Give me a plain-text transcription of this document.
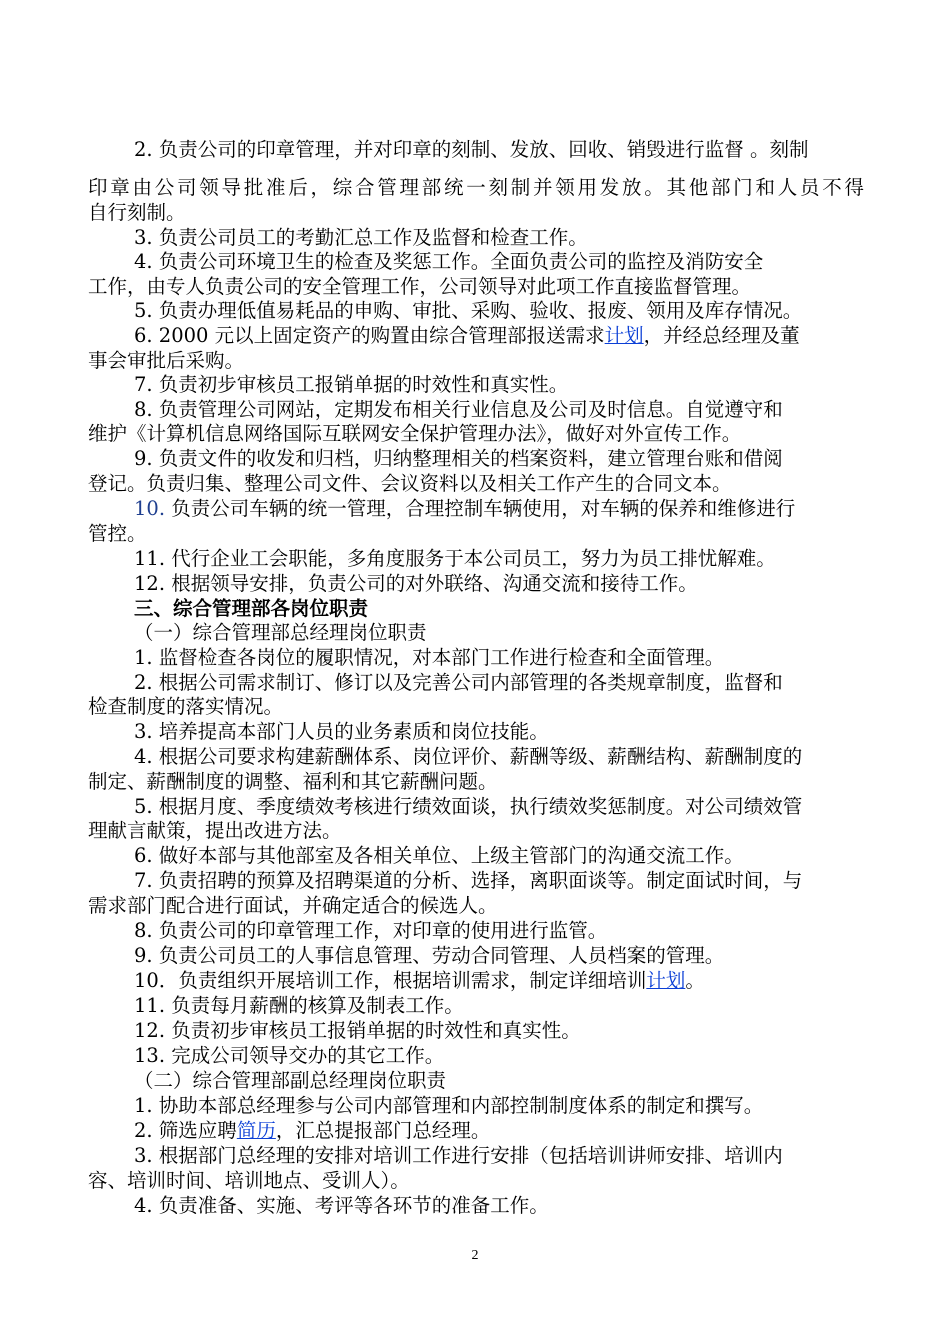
2. 负责公司的印章管理，并对印章的刻制、发放、回收、销毁进行监督 。刻制

印章由公司领导批准后，综合管理部统一刻制并领用发放。其他部门和人员不得

自行刻制。

3. 负责公司员工的考勤汇总工作及监督和检查工作。

4. 负责公司环境卫生的检查及奖惩工作。全面负责公司的监控及消防安全

工作，由专人负责公司的安全管理工作，公司领导对此项工作直接监督管理。

5. 负责办理低值易耗品的申购、审批、采购、验收、报废、领用及库存情况。

6. 2000 元以上固定资产的购置由综合管理部报送需求计划，并经总经理及董

事会审批后采购。

7. 负责初步审核员工报销单据的时效性和真实性。

8. 负责管理公司网站，定期发布相关行业信息及公司及时信息。自觉遵守和

维护《计算机信息网络国际互联网安全保护管理办法》，做好对外宣传工作。

9. 负责文件的收发和归档，归纳整理相关的档案资料，建立管理台账和借阅

登记。负责归集、整理公司文件、会议资料以及相关工作产生的合同文本。

10. 负责公司车辆的统一管理，合理控制车辆使用，对车辆的保养和维修进行

管控。

11. 代行企业工会职能，多角度服务于本公司员工，努力为员工排忧解难。

12. 根据领导安排，负责公司的对外联络、沟通交流和接待工作。

三、综合管理部各岗位职责

（一）综合管理部总经理岗位职责

1. 监督检查各岗位的履职情况，对本部门工作进行检查和全面管理。

2. 根据公司需求制订、修订以及完善公司内部管理的各类规章制度，监督和

检查制度的落实情况。

3. 培养提高本部门人员的业务素质和岗位技能。

4. 根据公司要求构建薪酬体系、岗位评价、薪酬等级、薪酬结构、薪酬制度的

制定、薪酬制度的调整、福利和其它薪酬问题。

5. 根据月度、季度绩效考核进行绩效面谈，执行绩效奖惩制度。对公司绩效管

理献言献策，提出改进方法。

6. 做好本部与其他部室及各相关单位、上级主管部门的沟通交流工作。

7. 负责招聘的预算及招聘渠道的分析、选择，离职面谈等。制定面试时间，与

需求部门配合进行面试，并确定适合的候选人。

8. 负责公司的印章管理工作，对印章的使用进行监管。

9. 负责公司员工的人事信息管理、劳动合同管理、人员档案的管理。

10．负责组织开展培训工作，根据培训需求，制定详细培训计划。

11. 负责每月薪酬的核算及制表工作。

12. 负责初步审核员工报销单据的时效性和真实性。

13. 完成公司领导交办的其它工作。

（二）综合管理部副总经理岗位职责

1. 协助本部总经理参与公司内部管理和内部控制制度体系的制定和撰写。

2. 筛选应聘简历，汇总提报部门总经理。

3. 根据部门总经理的安排对培训工作进行安排（包括培训讲师安排、培训内

容、培训时间、培训地点、受训人）。

4. 负责准备、实施、考评等各环节的准备工作。

2
